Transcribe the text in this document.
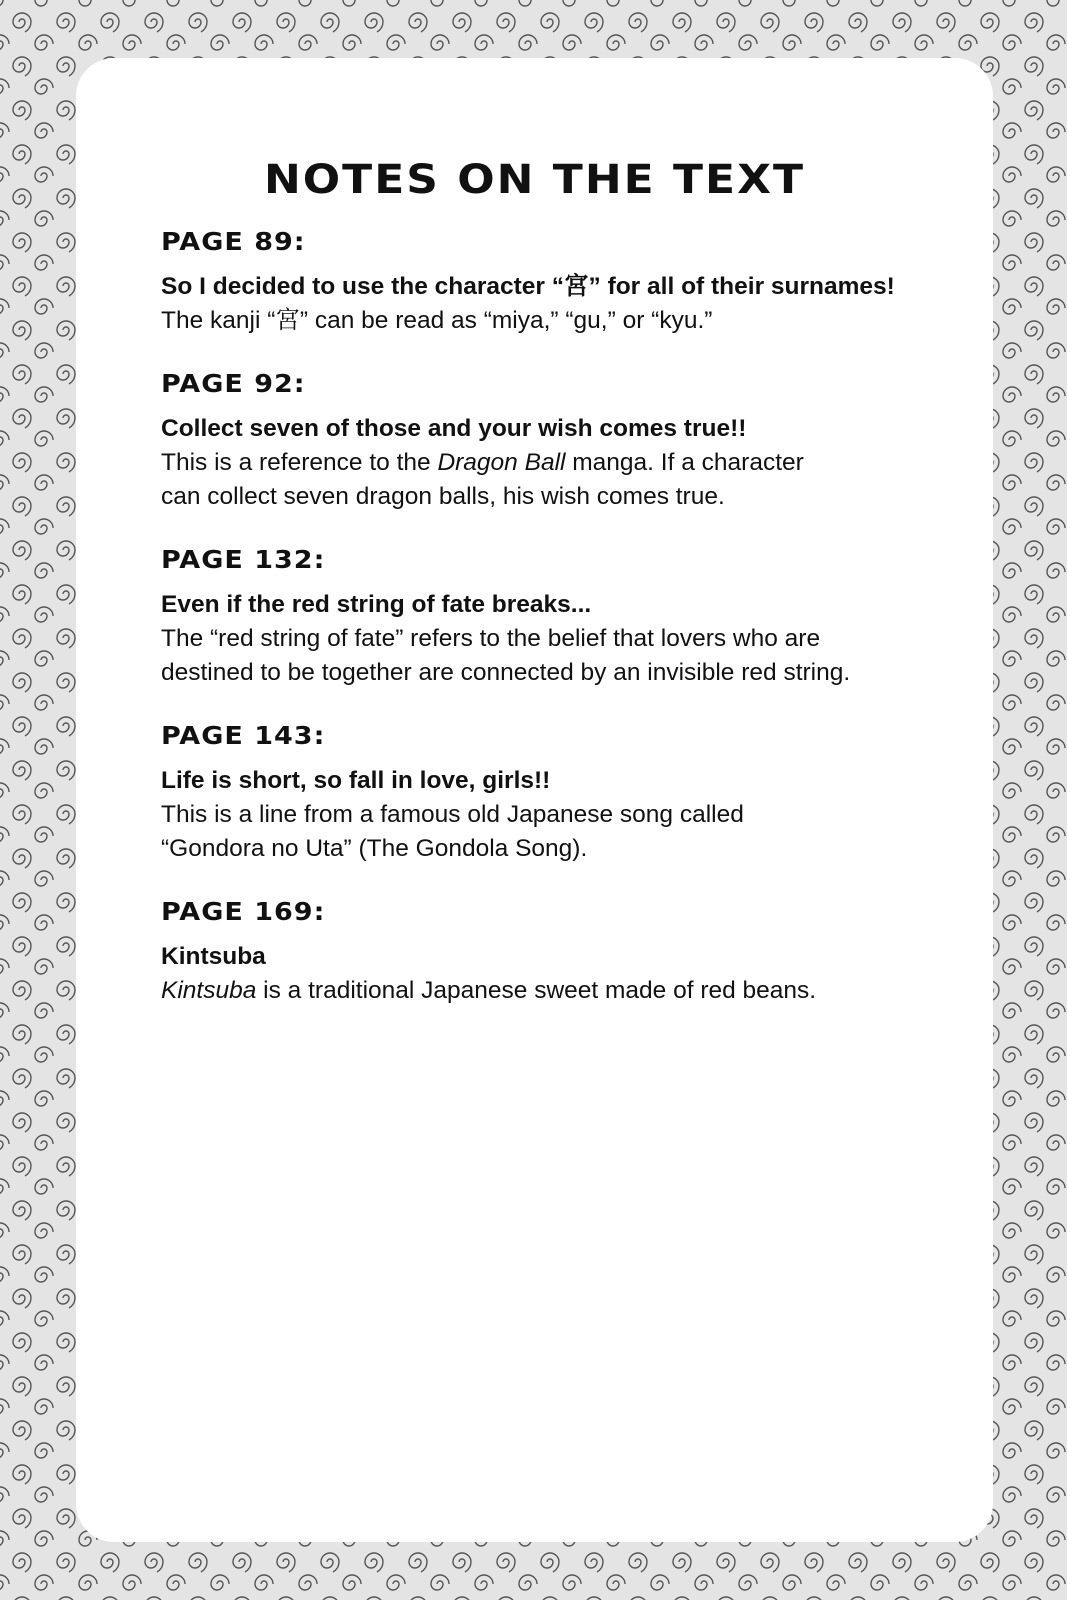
NOTES ON THE TEXT
PAGE 89:
So I decided to use the character “宮” for all of their surnames!
The kanji “宮” can be read as “miya,” “gu,” or “kyu.”
PAGE 92:
Collect seven of those and your wish comes true!!
This is a reference to the Dragon Ball manga. If a character
can collect seven dragon balls, his wish comes true.
PAGE 132:
Even if the red string of fate breaks...
The “red string of fate” refers to the belief that lovers who are
destined to be together are connected by an invisible red string.
PAGE 143:
Life is short, so fall in love, girls!!
This is a line from a famous old Japanese song called
“Gondora no Uta” (The Gondola Song).
PAGE 169:
Kintsuba
Kintsuba is a traditional Japanese sweet made of red beans.
